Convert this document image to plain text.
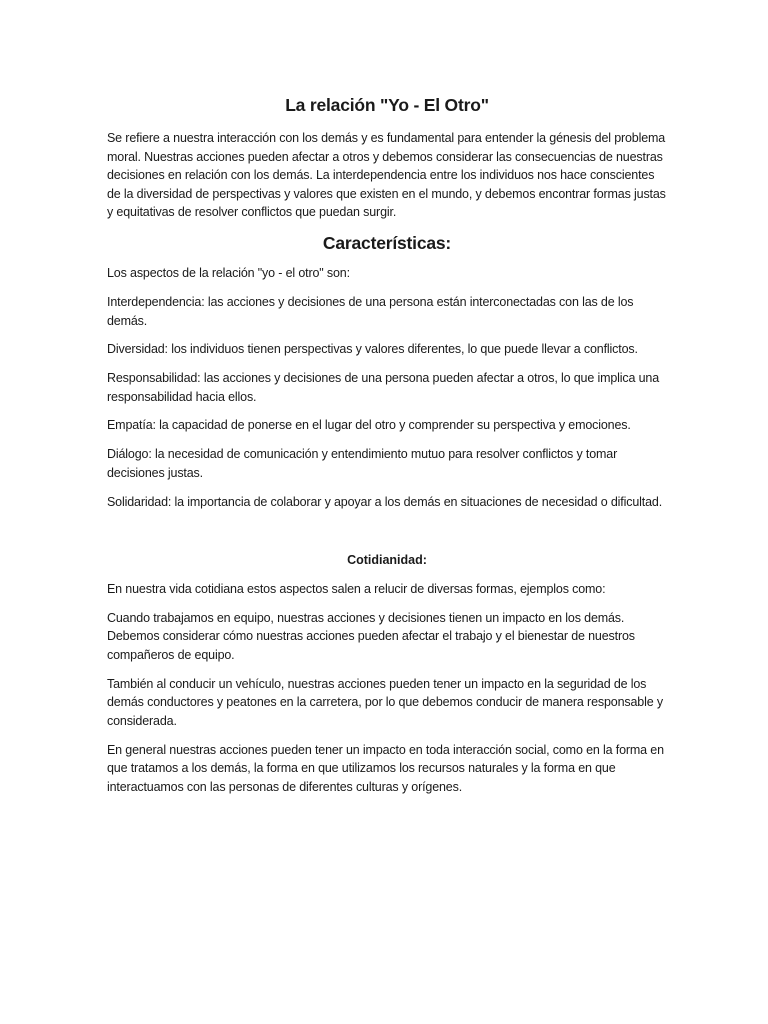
La relación "Yo - El Otro"

Se refiere a nuestra interacción con los demás y es fundamental para entender la génesis del problema moral. Nuestras acciones pueden afectar a otros y debemos considerar las consecuencias de nuestras decisiones en relación con los demás. La interdependencia entre los individuos nos hace conscientes de la diversidad de perspectivas y valores que existen en el mundo, y debemos encontrar formas justas y equitativas de resolver conflictos que puedan surgir.

Características:

Los aspectos de la relación "yo - el otro" son:

Interdependencia: las acciones y decisiones de una persona están interconectadas con las de los demás.

Diversidad: los individuos tienen perspectivas y valores diferentes, lo que puede llevar a conflictos.

Responsabilidad: las acciones y decisiones de una persona pueden afectar a otros, lo que implica una responsabilidad hacia ellos.

Empatía: la capacidad de ponerse en el lugar del otro y comprender su perspectiva y emociones.

Diálogo: la necesidad de comunicación y entendimiento mutuo para resolver conflictos y tomar decisiones justas.

Solidaridad: la importancia de colaborar y apoyar a los demás en situaciones de necesidad o dificultad.

Cotidianidad:

En nuestra vida cotidiana estos aspectos salen a relucir de diversas formas, ejemplos como:

Cuando trabajamos en equipo, nuestras acciones y decisiones tienen un impacto en los demás. Debemos considerar cómo nuestras acciones pueden afectar el trabajo y el bienestar de nuestros compañeros de equipo.

También al conducir un vehículo, nuestras acciones pueden tener un impacto en la seguridad de los demás conductores y peatones en la carretera, por lo que debemos conducir de manera responsable y considerada.

En general nuestras acciones pueden tener un impacto en toda interacción social, como en la forma en que tratamos a los demás, la forma en que utilizamos los recursos naturales y la forma en que interactuamos con las personas de diferentes culturas y orígenes.
